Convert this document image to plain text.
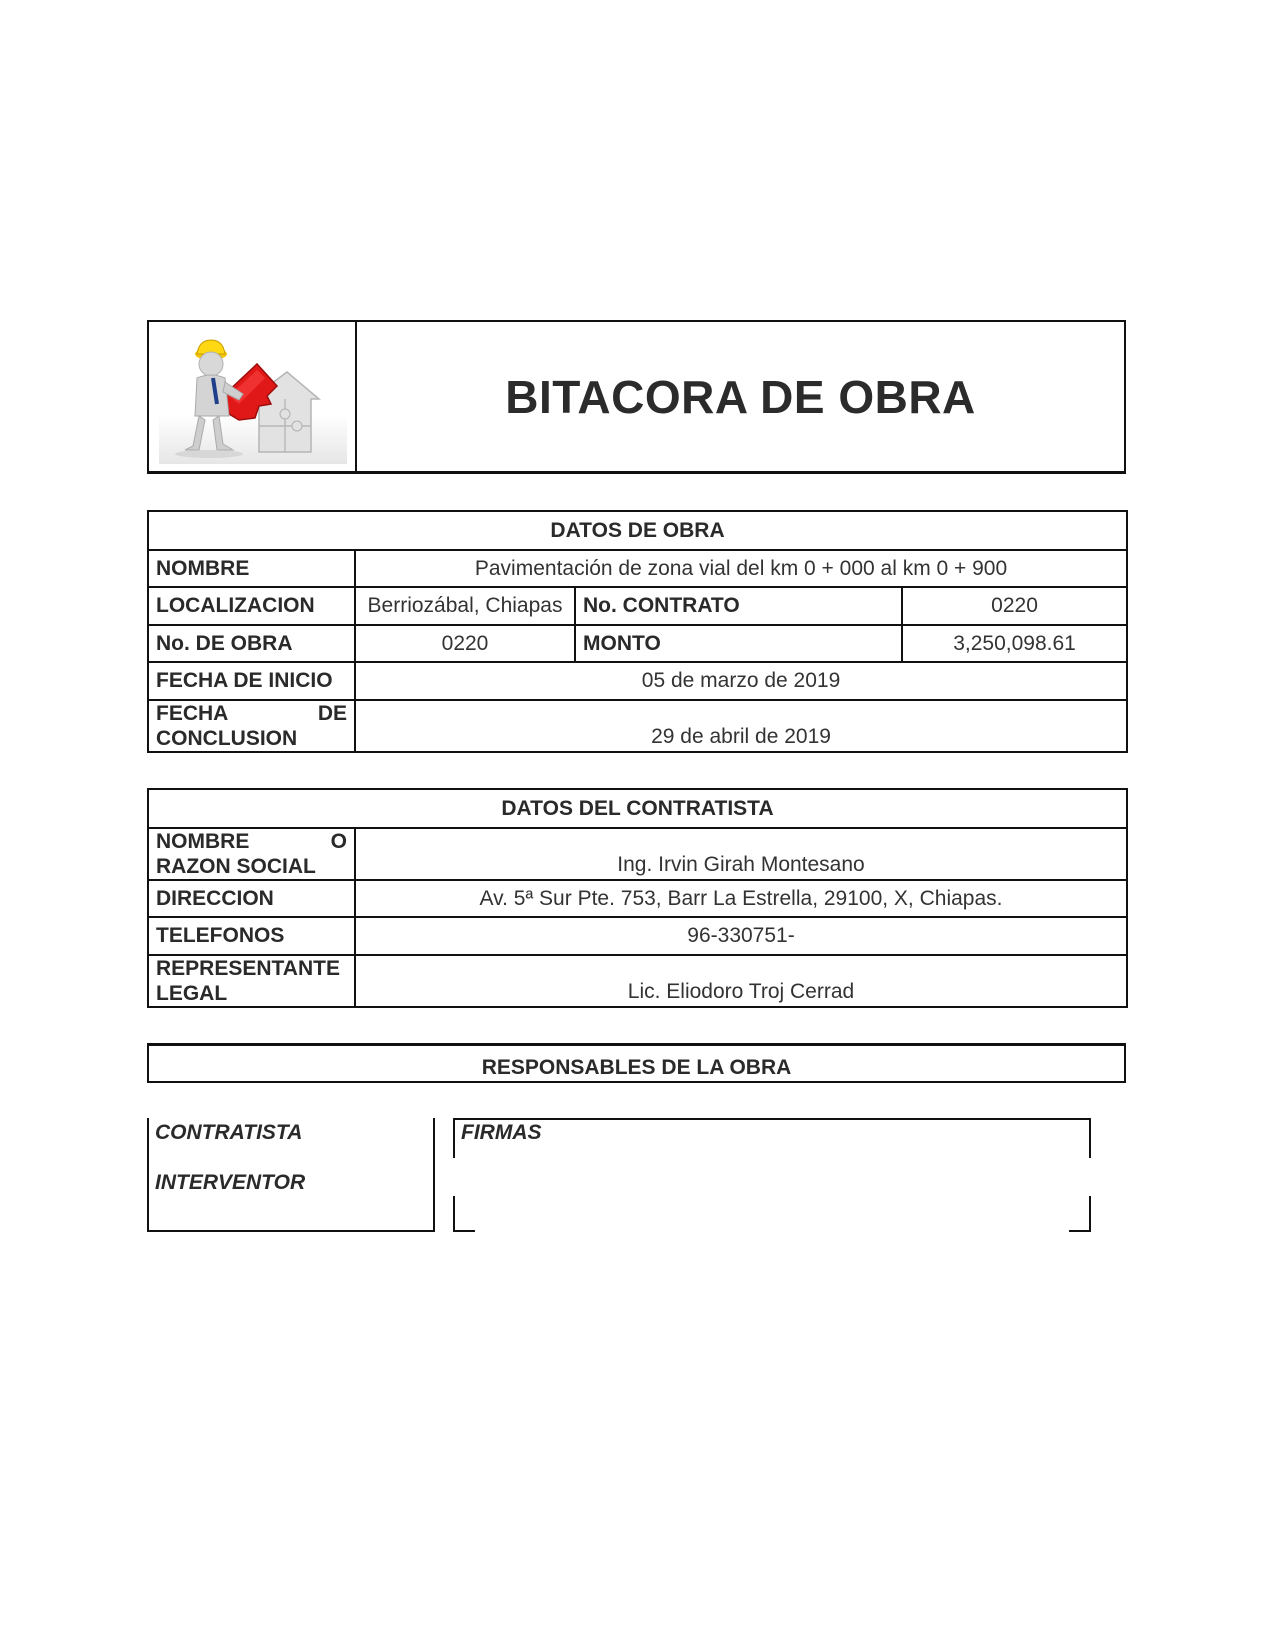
BITACORA DE OBRA
DATOS DE OBRA			
NOMBRE	Pavimentación de zona vial del km 0 + 000 al km 0 + 900		
LOCALIZACION	Berriozábal, Chiapas	No. CONTRATO	0220
No. DE OBRA	0220	MONTO	3,250,098.61
FECHA DE INICIO	05 de marzo de 2019		

FECHA DE
CONCLUSION	29 de abril de 2019		
DATOS DEL CONTRATISTA	

NOMBRE O
RAZON SOCIAL	Ing. Irvin Girah Montesano
DIRECCION	Av. 5ª Sur Pte. 753, Barr La Estrella, 29100, X, Chiapas.
TELEFONOS	96-330751-

REPRESENTANTE
LEGAL	Lic. Eliodoro Troj Cerrad
RESPONSABLES DE LA OBRA
CONTRATISTA
INTERVENTOR
FIRMAS
